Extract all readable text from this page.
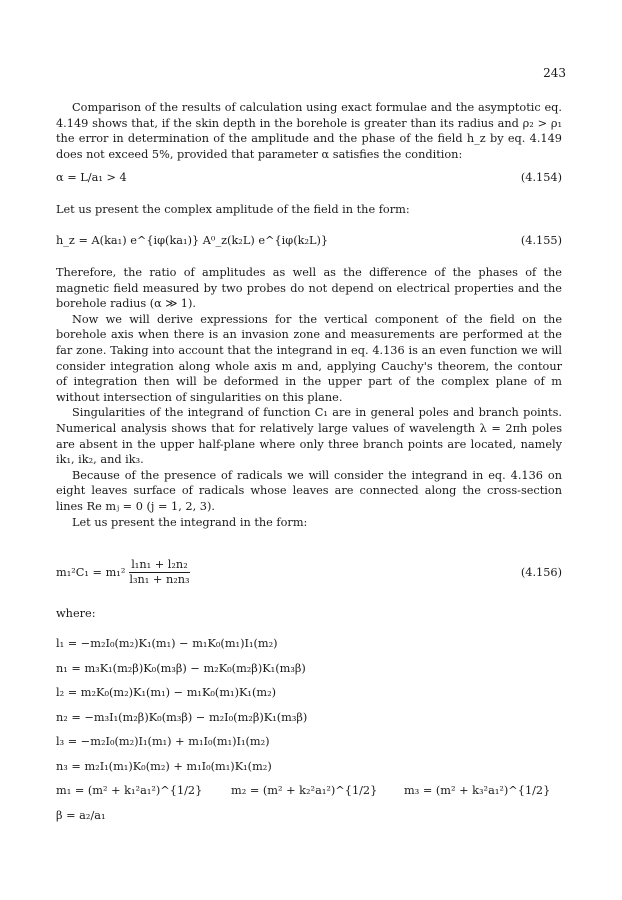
243

Comparison of the results of calculation using exact formulae and the asymptotic eq. 4.149 shows that, if the skin depth in the borehole is greater than its radius and ρ₂ > ρ₁ the error in determination of the amplitude and the phase of the field h_z by eq. 4.149 does not exceed 5%, provided that parameter α satisfies the condition:

α = L/a₁ > 4	(4.154)

Let us present the complex amplitude of the field in the form:

h_z = A(ka₁) e^{iφ(ka₁)} A⁰_z(k₂L) e^{iφ(k₂L)}	(4.155)

Therefore, the ratio of amplitudes as well as the difference of the phases of the magnetic field measured by two probes do not depend on electrical properties and the borehole radius (α ≫ 1).

Now we will derive expressions for the vertical component of the field on the borehole axis when there is an invasion zone and measurements are performed at the far zone. Taking into account that the integrand in eq. 4.136 is an even function we will consider integration along whole axis m and, applying Cauchy's theorem, the contour of integration then will be deformed in the upper part of the complex plane of m without intersection of singularities on this plane.

Singularities of the integrand of function C₁ are in general poles and branch points. Numerical analysis shows that for relatively large values of wavelength λ = 2πh poles are absent in the upper half-plane where only three branch points are located, namely ik₁, ik₂, and ik₃.

Because of the presence of radicals we will consider the integrand in eq. 4.136 on eight leaves surface of radicals whose leaves are connected along the cross-section lines Re mⱼ = 0 (j = 1, 2, 3).

Let us present the integrand in the form:

$m_1^2C_1 = m_1^2 \frac{\text{l₁n₁ + l₂n₂}}{\text{l₃n₁ + n₂n₃}}$	(4.156)

where:

l₁ = −m₂I₀(m₂)K₁(m₁) − m₁K₀(m₁)I₁(m₂)
n₁ = m₃K₁(m₂β)K₀(m₃β) − m₂K₀(m₂β)K₁(m₃β)
l₂ = m₂K₀(m₂)K₁(m₁) − m₁K₀(m₁)K₁(m₂)
n₂ = −m₃I₁(m₂β)K₀(m₃β) − m₂I₀(m₂β)K₁(m₃β)
l₃ = −m₂I₀(m₂)I₁(m₁) + m₁I₀(m₁)I₁(m₂)
n₃ = m₂I₁(m₁)K₀(m₂) + m₁I₀(m₁)K₁(m₂)
m₁ = (m² + k₁²a₁²)^{1/2}	m₂ = (m² + k₂²a₁²)^{1/2} m₃ = (m² + k₃²a₁²)^{1/2}
β = a₂/a₁
